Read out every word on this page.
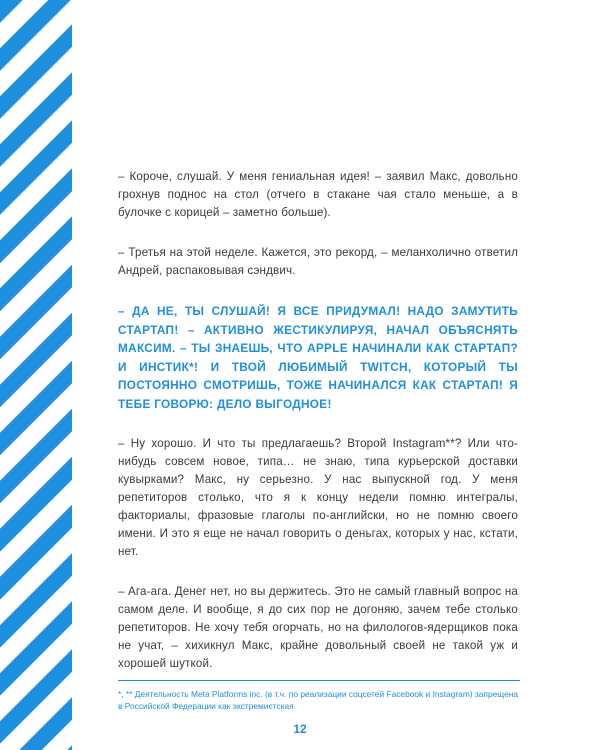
– Короче, слушай. У меня гениальная идея! – заявил Макс, довольно грохнув поднос на стол (отчего в стакане чая стало меньше, а в булочке с корицей – заметно больше).

– Третья на этой неделе. Кажется, это рекорд, – меланхолично ответил Андрей, распаковывая сэндвич.

– ДА НЕ, ТЫ СЛУШАЙ! Я ВСЕ ПРИДУМАЛ! НАДО ЗАМУТИТЬ СТАРТАП! – АКТИВНО ЖЕСТИКУЛИРУЯ, НАЧАЛ ОБЪЯСНЯТЬ МАКСИМ. – ТЫ ЗНАЕШЬ, ЧТО APPLE НАЧИНАЛИ КАК СТАРТАП? И ИНСТИК*! И ТВОЙ ЛЮБИМЫЙ TWITCH, КОТОРЫЙ ТЫ ПОСТОЯННО СМОТРИШЬ, ТОЖЕ НАЧИНАЛСЯ КАК СТАРТАП! Я ТЕБЕ ГОВОРЮ: ДЕЛО ВЫГОДНОЕ!

– Ну хорошо. И что ты предлагаешь? Второй Instagram**? Или что-нибудь совсем новое, типа… не знаю, типа курьерской доставки кувырками? Макс, ну серьезно. У нас выпускной год. У меня репетиторов столько, что я к концу недели помню интегралы, факториалы, фразовые глаголы по-английски, но не помню своего имени. И это я еще не начал говорить о деньгах, которых у нас, кстати, нет.

– Ага-ага. Денег нет, но вы держитесь. Это не самый главный вопрос на самом деле. И вообще, я до сих пор не догоняю, зачем тебе столько репетиторов. Не хочу тебя огорчать, но на филологов-ядерщиков пока не учат, – хихикнул Макс, крайне довольный своей не такой уж и хорошей шуткой.

*, ** Деятельность Meta Platforms inc. (в т.ч. по реализации соцсетей Facebook и Instagram) запрещена в Российской Федерации как экстремистская

12
